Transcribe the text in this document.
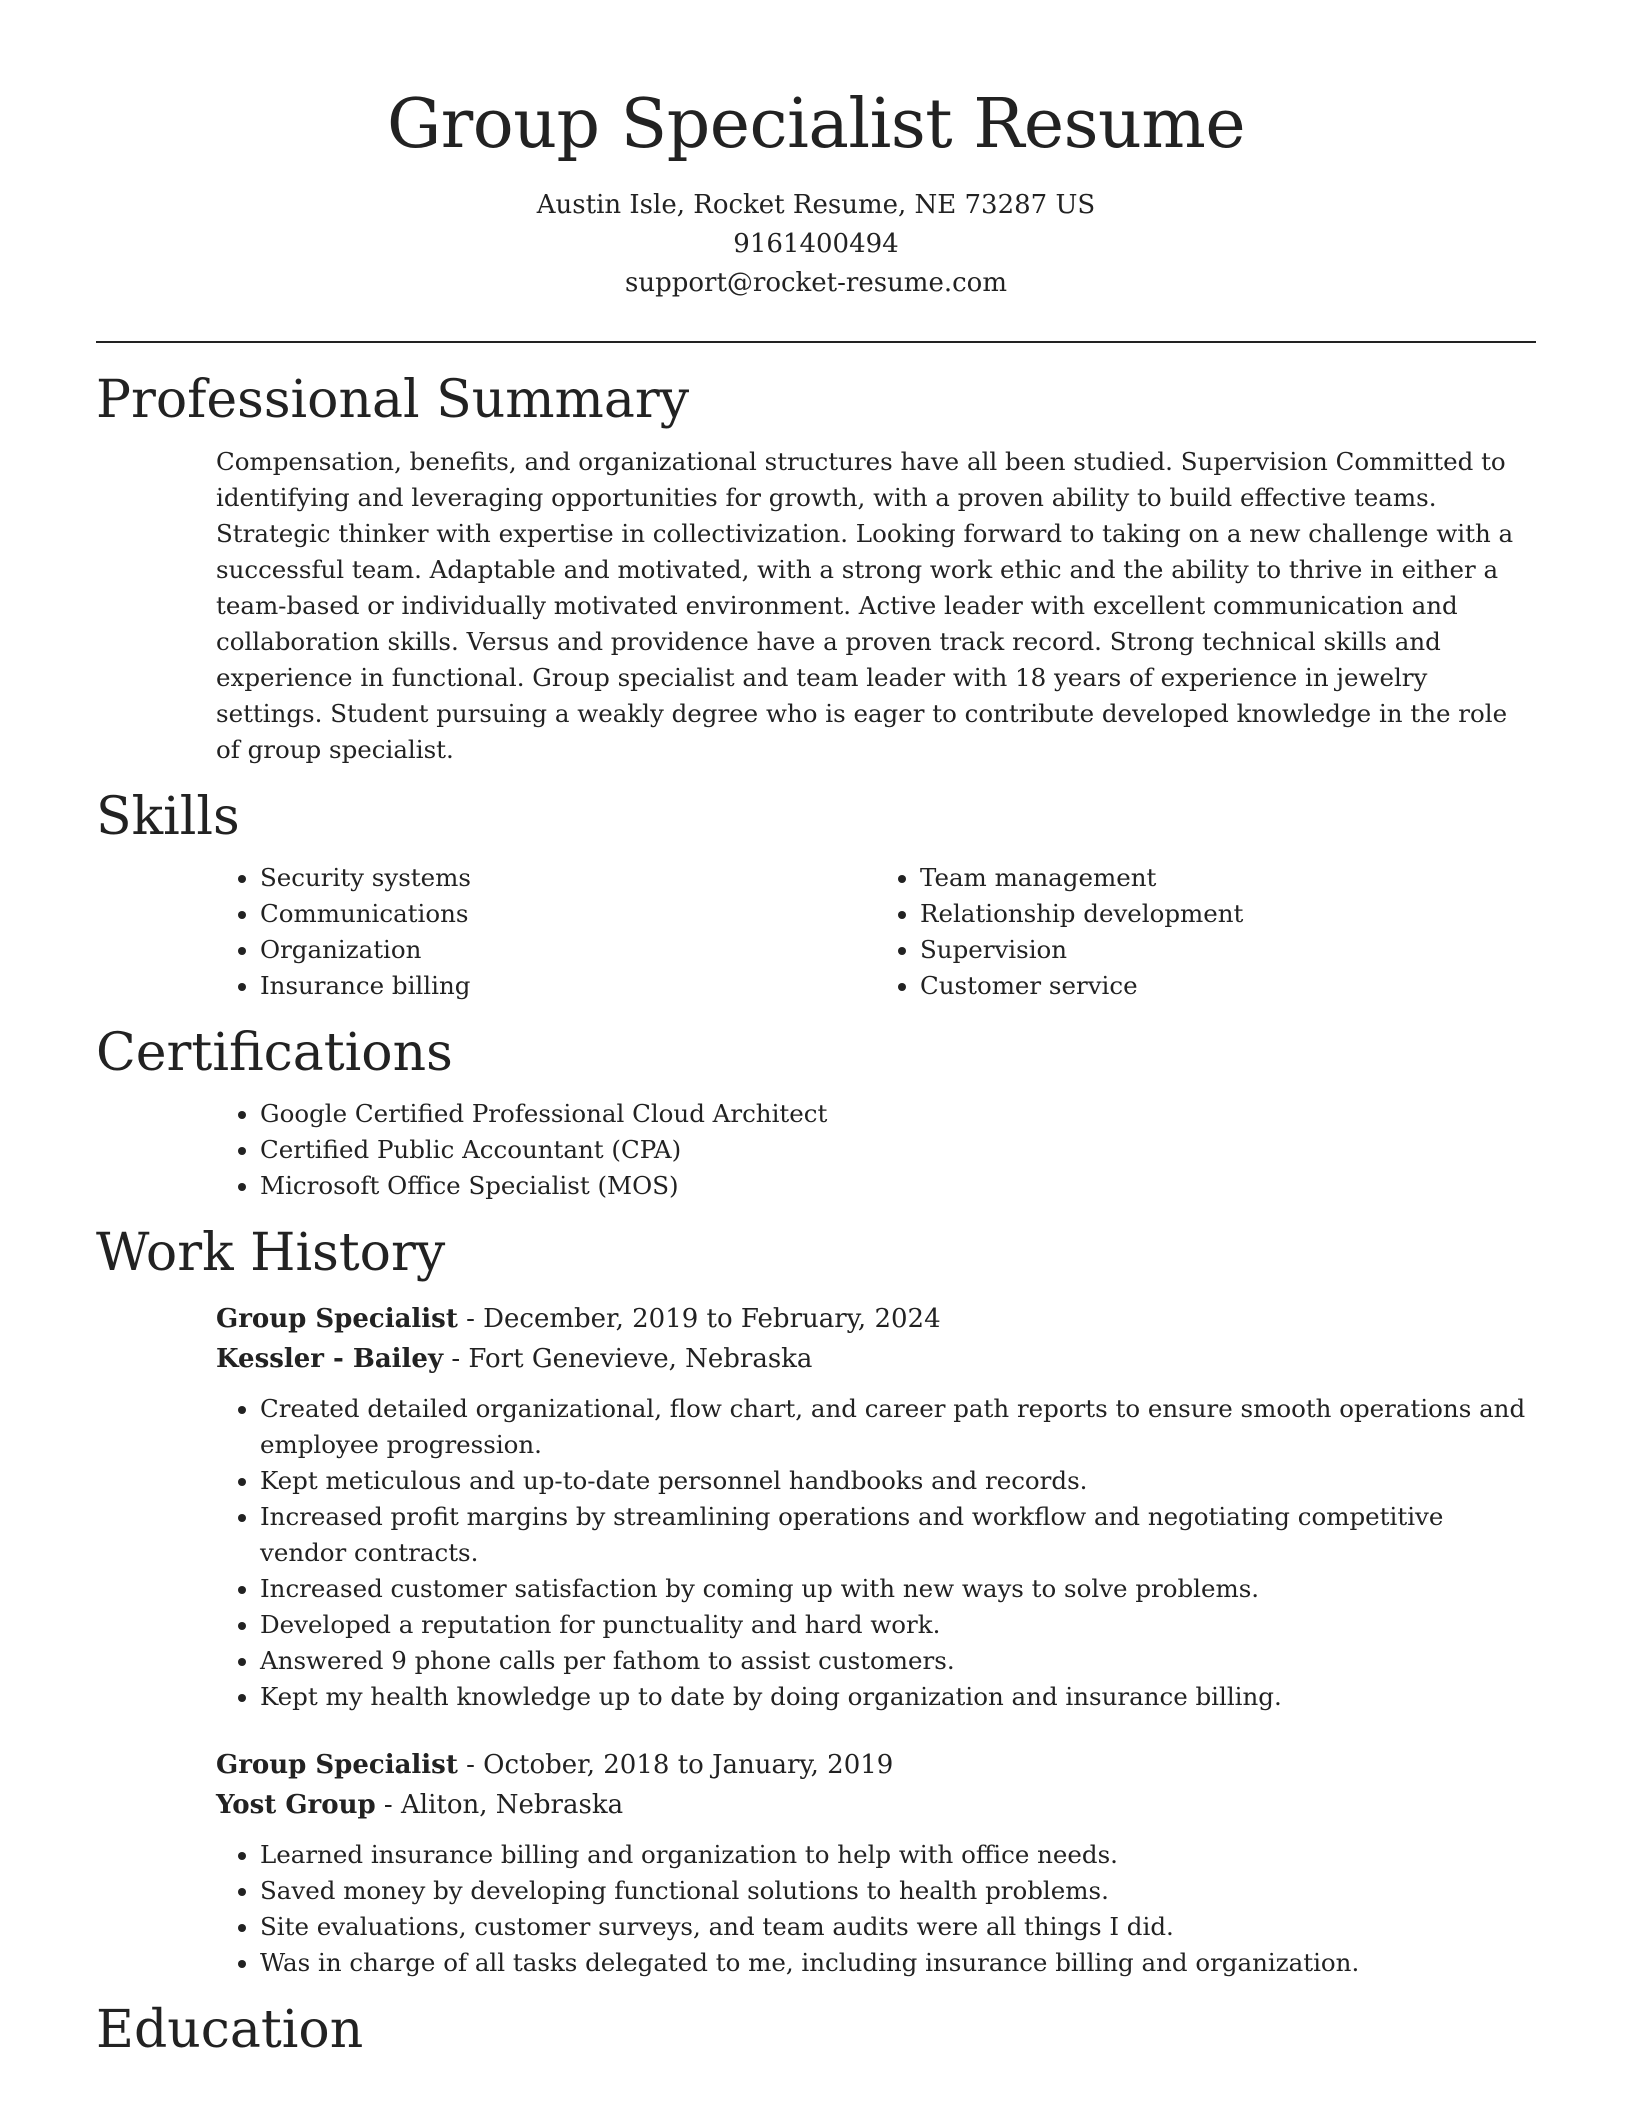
Group Specialist Resume

Austin Isle, Rocket Resume, NE 73287 US

9161400494

support@rocket-resume.com

Professional Summary

Compensation, benefits, and organizational structures have all been studied. Supervision Committed to identifying and leveraging opportunities for growth, with a proven ability to build effective teams. Strategic thinker with expertise in collectivization. Looking forward to taking on a new challenge with a successful team. Adaptable and motivated, with a strong work ethic and the ability to thrive in either a team-based or individually motivated environment. Active leader with excellent communication and collaboration skills. Versus and providence have a proven track record. Strong technical skills and experience in functional. Group specialist and team leader with 18 years of experience in jewelry settings. Student pursuing a weakly degree who is eager to contribute developed knowledge in the role of group specialist.

Skills
• Security systems
• Communications
• Organization
• Insurance billing
• Team management
• Relationship development
• Supervision
• Customer service
Certifications
• Google Certified Professional Cloud Architect
• Certified Public Accountant (CPA)
• Microsoft Office Specialist (MOS)
Work History

Group Specialist - December, 2019 to February, 2024

Kessler - Bailey - Fort Genevieve, Nebraska

• Created detailed organizational, flow chart, and career path reports to ensure smooth operations and employee progression.
• Kept meticulous and up-to-date personnel handbooks and records.
• Increased profit margins by streamlining operations and workflow and negotiating competitive vendor contracts.
• Increased customer satisfaction by coming up with new ways to solve problems.
• Developed a reputation for punctuality and hard work.
• Answered 9 phone calls per fathom to assist customers.
• Kept my health knowledge up to date by doing organization and insurance billing.

Group Specialist - October, 2018 to January, 2019

Yost Group - Aliton, Nebraska

• Learned insurance billing and organization to help with office needs.
• Saved money by developing functional solutions to health problems.
• Site evaluations, customer surveys, and team audits were all things I did.
• Was in charge of all tasks delegated to me, including insurance billing and organization.
Education
